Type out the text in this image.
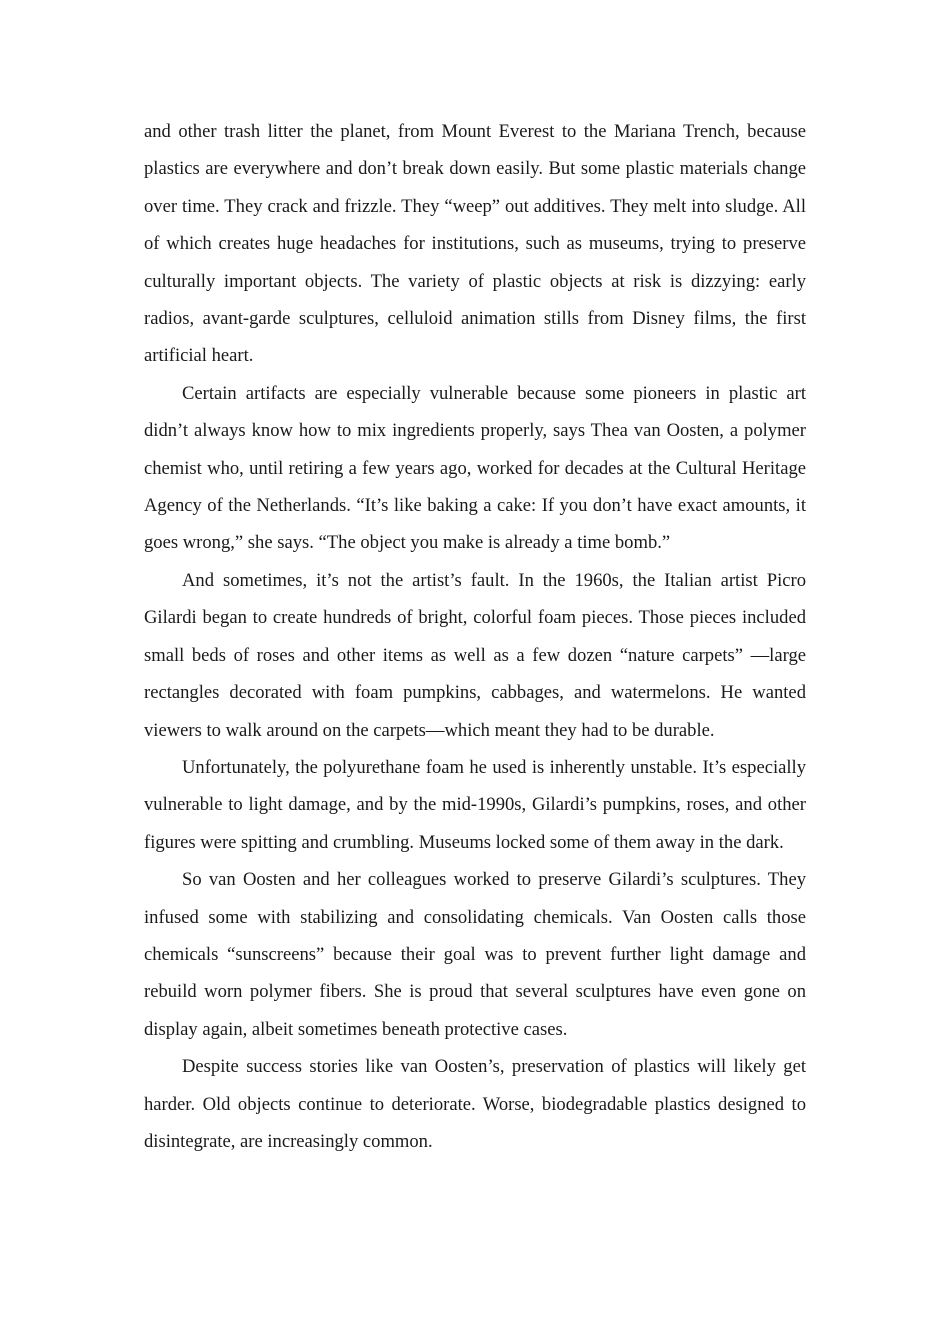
and other trash litter the planet, from Mount Everest to the Mariana Trench, because plastics are everywhere and don’t break down easily. But some plastic materials change over time. They crack and frizzle. They “weep” out additives. They melt into sludge. All of which creates huge headaches for institutions, such as museums, trying to preserve culturally important objects. The variety of plastic objects at risk is dizzying: early radios, avant-garde sculptures, celluloid animation stills from Disney films, the first artificial heart.

Certain artifacts are especially vulnerable because some pioneers in plastic art didn’t always know how to mix ingredients properly, says Thea van Oosten, a polymer chemist who, until retiring a few years ago, worked for decades at the Cultural Heritage Agency of the Netherlands. “It’s like baking a cake: If you don’t have exact amounts, it goes wrong,” she says. “The object you make is already a time bomb.”

And sometimes, it’s not the artist’s fault. In the 1960s, the Italian artist Picro Gilardi began to create hundreds of bright, colorful foam pieces. Those pieces included small beds of roses and other items as well as a few dozen “nature carpets” —large rectangles decorated with foam pumpkins, cabbages, and watermelons. He wanted viewers to walk around on the carpets—which meant they had to be durable.

Unfortunately, the polyurethane foam he used is inherently unstable. It’s especially vulnerable to light damage, and by the mid-1990s, Gilardi’s pumpkins, roses, and other figures were spitting and crumbling. Museums locked some of them away in the dark.

So van Oosten and her colleagues worked to preserve Gilardi’s sculptures. They infused some with stabilizing and consolidating chemicals. Van Oosten calls those chemicals “sunscreens” because their goal was to prevent further light damage and rebuild worn polymer fibers. She is proud that several sculptures have even gone on display again, albeit sometimes beneath protective cases.

Despite success stories like van Oosten’s, preservation of plastics will likely get harder. Old objects continue to deteriorate. Worse, biodegradable plastics designed to disintegrate, are increasingly common.
